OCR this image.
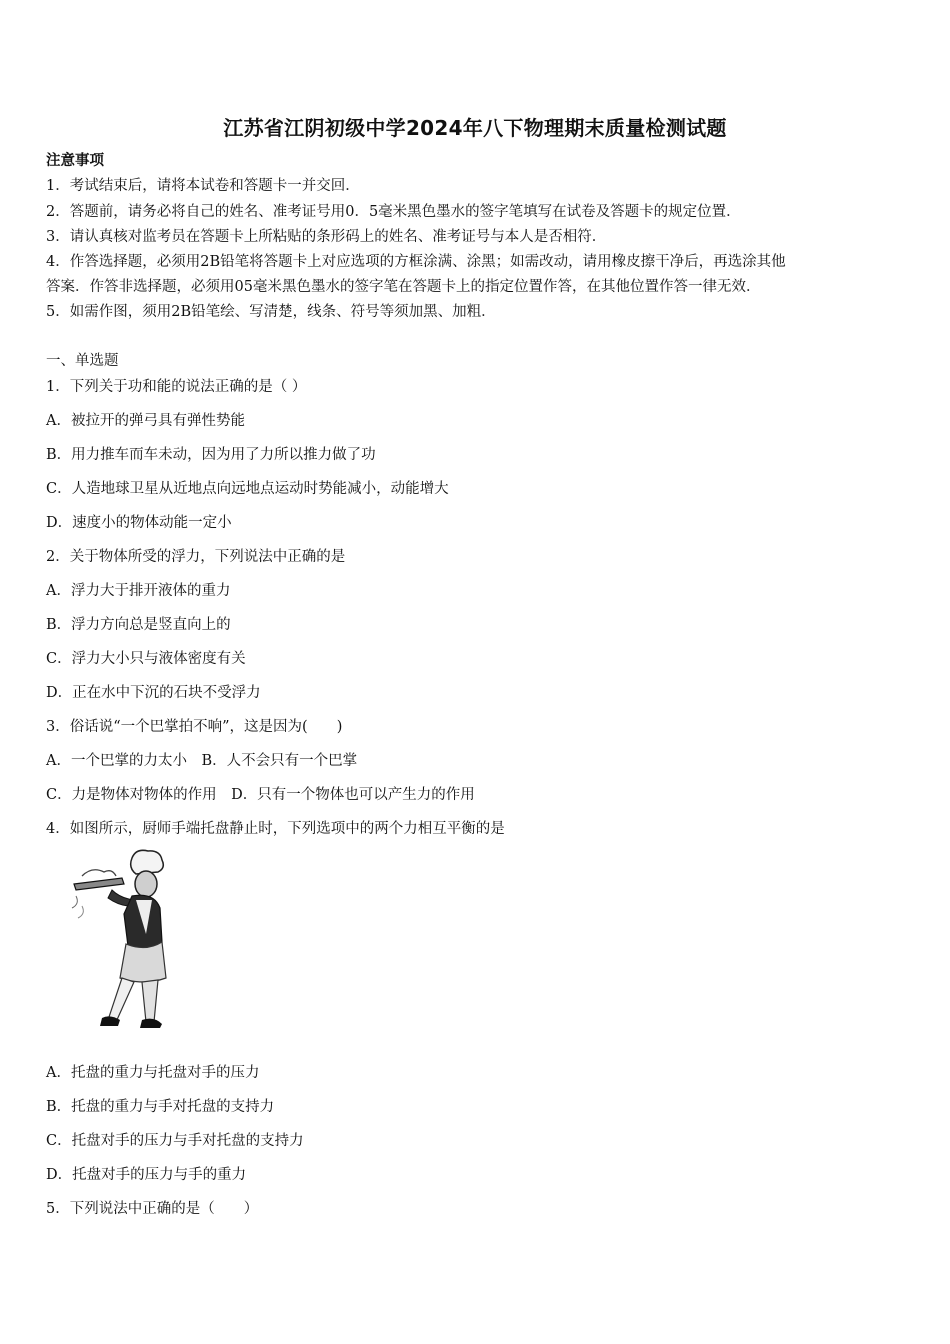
江苏省江阴初级中学2024年八下物理期末质量检测试题
注意事项
1．考试结束后，请将本试卷和答题卡一并交回．
2．答题前，请务必将自己的姓名、准考证号用0．5毫米黑色墨水的签字笔填写在试卷及答题卡的规定位置．
3．请认真核对监考员在答题卡上所粘贴的条形码上的姓名、准考证号与本人是否相符．
4．作答选择题，必须用2B铅笔将答题卡上对应选项的方框涂满、涂黑；如需改动，请用橡皮擦干净后，再选涂其他
答案．作答非选择题，必须用05毫米黑色墨水的签字笔在答题卡上的指定位置作答，在其他位置作答一律无效．
5．如需作图，须用2B铅笔绘、写清楚，线条、符号等须加黑、加粗．
一、单选题
1．下列关于功和能的说法正确的是（ ）
A．被拉开的弹弓具有弹性势能
B．用力推车而车未动，因为用了力所以推力做了功
C．人造地球卫星从近地点向远地点运动时势能减小，动能增大
D．速度小的物体动能一定小
2．关于物体所受的浮力，下列说法中正确的是
A．浮力大于排开液体的重力
B．浮力方向总是竖直向上的
C．浮力大小只与液体密度有关
D．正在水中下沉的石块不受浮力
3．俗话说“一个巴掌拍不响”，这是因为(　　)
A．一个巴掌的力太小　B．人不会只有一个巴掌
C．力是物体对物体的作用　D．只有一个物体也可以产生力的作用
4．如图所示，厨师手端托盘静止时，下列选项中的两个力相互平衡的是
A．托盘的重力与托盘对手的压力
B．托盘的重力与手对托盘的支持力
C．托盘对手的压力与手对托盘的支持力
D．托盘对手的压力与手的重力
5．下列说法中正确的是（　　）
